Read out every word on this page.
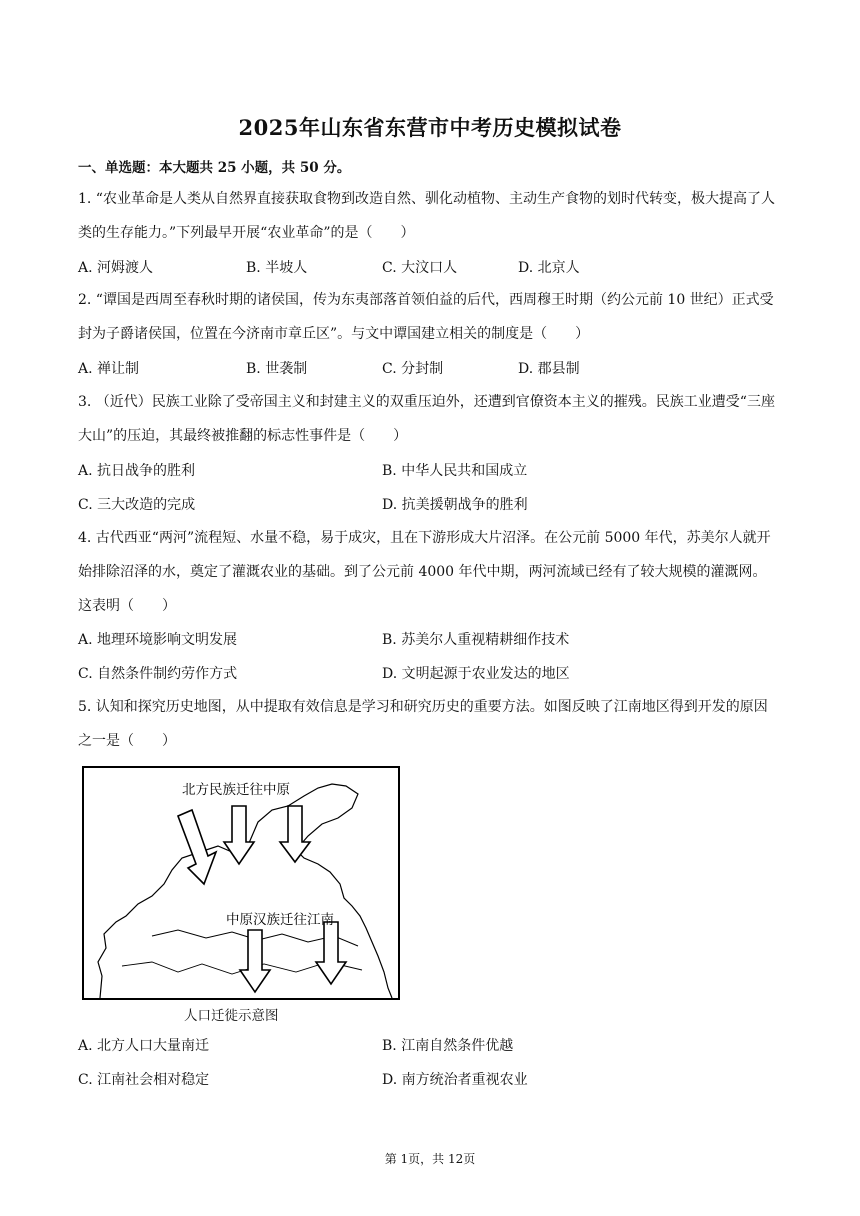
2025年山东省东营市中考历史模拟试卷
一、单选题：本大题共 25 小题，共 50 分。
1. “农业革命是人类从自然界直接获取食物到改造自然、驯化动植物、主动生产食物的划时代转变，极大提高了人类的生存能力。”下列最早开展“农业革命”的是（　　）
A. 河姆渡人	B. 半坡人	C. 大汶口人	D. 北京人
2. “谭国是西周至春秋时期的诸侯国，传为东夷部落首领伯益的后代，西周穆王时期（约公元前 10 世纪）正式受封为子爵诸侯国，位置在今济南市章丘区”。与文中谭国建立相关的制度是（　　）
A. 禅让制	B. 世袭制	C. 分封制	D. 郡县制
3. （近代）民族工业除了受帝国主义和封建主义的双重压迫外，还遭到官僚资本主义的摧残。民族工业遭受“三座大山”的压迫，其最终被推翻的标志性事件是（　　）
A. 抗日战争的胜利	B. 中华人民共和国成立
C. 三大改造的完成	D. 抗美援朝战争的胜利
4. 古代西亚“两河”流程短、水量不稳，易于成灾，且在下游形成大片沼泽。在公元前 5000 年代，苏美尔人就开始排除沼泽的水，奠定了灌溉农业的基础。到了公元前 4000 年代中期，两河流域已经有了较大规模的灌溉网。这表明（　　）
A. 地理环境影响文明发展	B. 苏美尔人重视精耕细作技术
C. 自然条件制约劳作方式	D. 文明起源于农业发达的地区
5. 认知和探究历史地图，从中提取有效信息是学习和研究历史的重要方法。如图反映了江南地区得到开发的原因之一是（　　）
北方民族迁往中原
中原汉族迁往江南
人口迁徙示意图
A. 北方人口大量南迁	B. 江南自然条件优越
C. 江南社会相对稳定	D. 南方统治者重视农业
第 1页，共 12页
